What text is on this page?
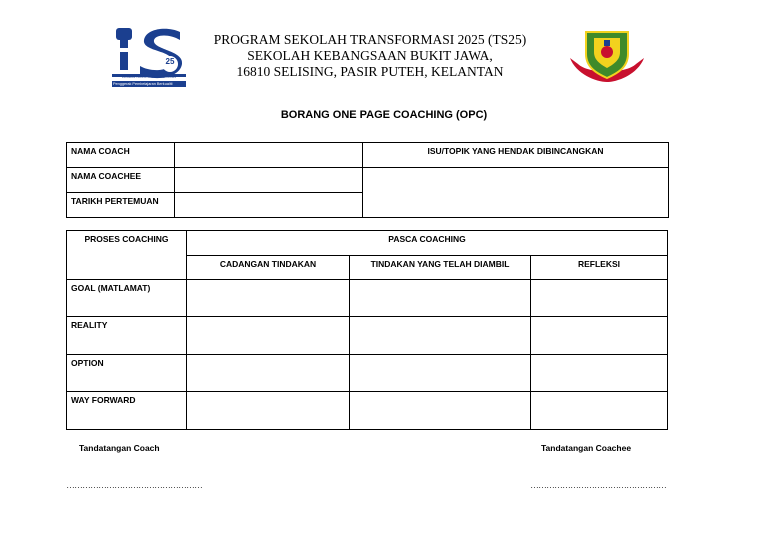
25
PROGRAM TRANSFORMASI SEKOLAH 2025
Penggerak Pembelajaran Berkualiti
PROGRAM SEKOLAH TRANSFORMASI 2025 (TS25)
SEKOLAH KEBANGSAAN BUKIT JAWA,
16810 SELISING, PASIR PUTEH, KELANTAN
BORANG ONE PAGE COACHING (OPC)
NAMA COACH		ISU/TOPIK YANG HENDAK DIBINCANGKAN
NAMA COACHEE		
TARIKH PERTEMUAN		
PROSES COACHING	PASCA COACHING		
	CADANGAN TINDAKAN	TINDAKAN YANG TELAH DIAMBIL	REFLEKSI
GOAL (MATLAMAT)			
REALITY			
OPTION			
WAY FORWARD			
Tandatangan Coach	Tandatangan Coachee
……………………………………………	……………………………………………
